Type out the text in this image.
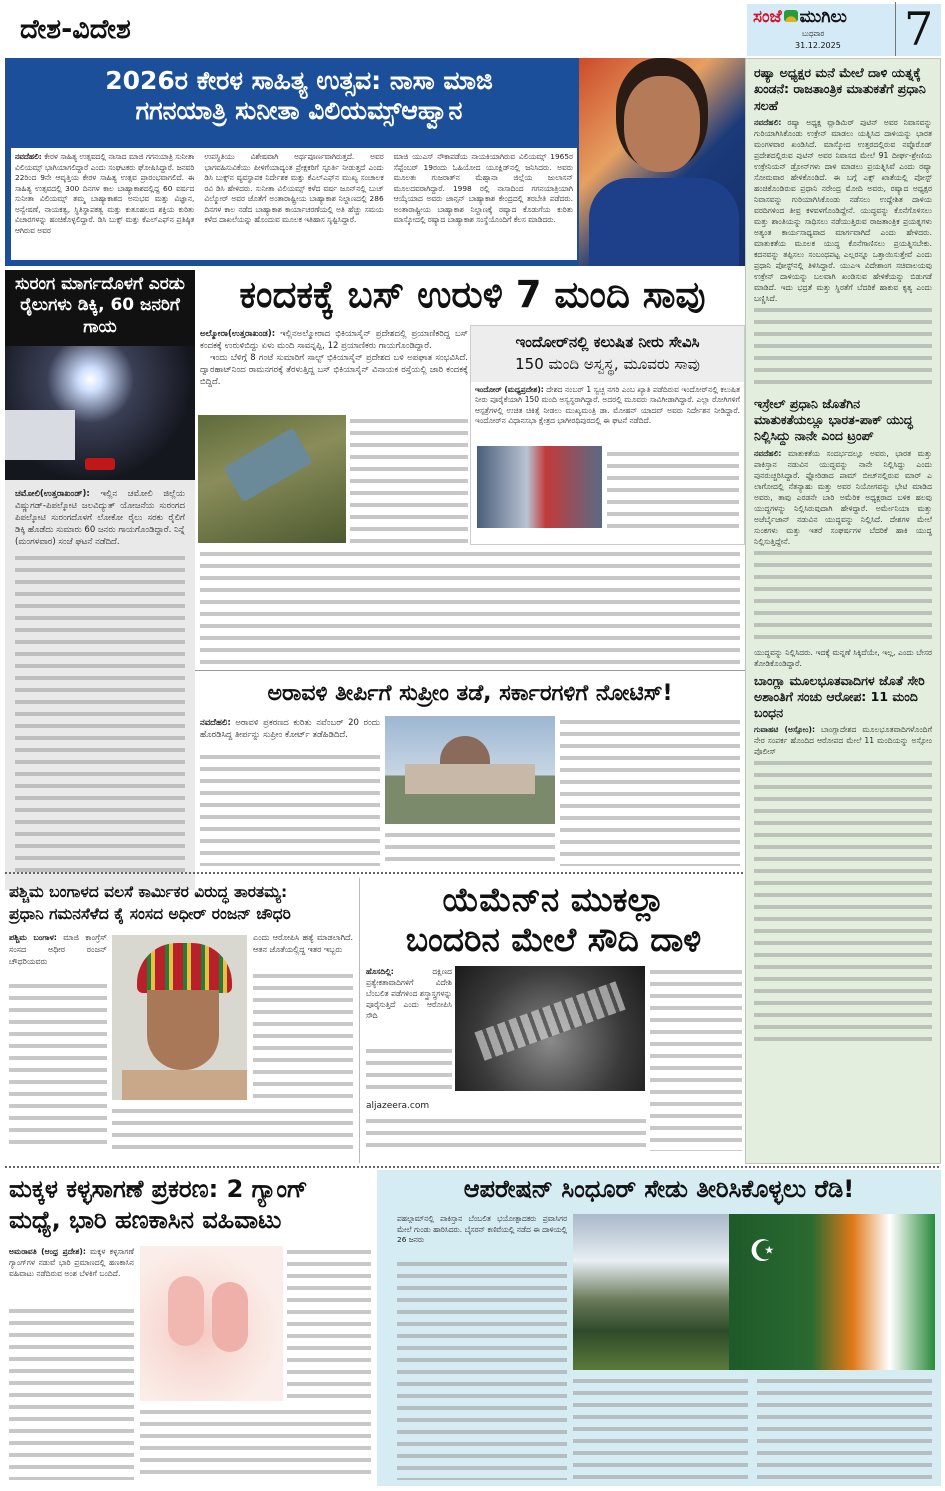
ದೇಶ-ವಿದೇಶ	ಸಂಜೆ ಮುಗಿಲು
ಬುಧವಾರ
31.12.2025 7
2026ರ ಕೇರಳ ಸಾಹಿತ್ಯ ಉತ್ಸವ: ನಾಸಾ ಮಾಜಿ
ಗಗನಯಾತ್ರಿ ಸುನೀತಾ ವಿಲಿಯಮ್ಸ್‌ಆಹ್ವಾನ
ನವದೆಹಲಿ: ಕೇರಳ ಸಾಹಿತ್ಯ ಉತ್ಸವದಲ್ಲಿ ನಾಸಾದ ಮಾಜಿ ಗಗನಯಾತ್ರಿ ಸುನೀತಾ ವಿಲಿಯಮ್ಸ್ ಭಾಗಿಯಾಗಲಿದ್ದಾರೆ ಎಂದು ಸಂಘಟಕರು ಘೋಷಿಸಿದ್ದಾರೆ. ಜನವರಿ 22ರಿಂದ 9ನೇ ಆವೃತ್ತಿಯ ಕೇರಳ ಸಾಹಿತ್ಯ ಉತ್ಸವ ಪ್ರಾರಂಭವಾಗಲಿದೆ. ಈ ಸಾಹಿತ್ಯ ಉತ್ಸವದಲ್ಲಿ 300 ದಿನಗಳ ಕಾಲ ಬಾಹ್ಯಾಕಾಶದಲ್ಲಿದ್ದ 60 ವರ್ಷದ ಸುನೀತಾ ವಿಲಿಯಮ್ಸ್ ತಮ್ಮ ಬಾಹ್ಯಾಕಾಶದ ಅನುಭವ ಮತ್ತು ವಿಜ್ಞಾನ, ಅನ್ವೇಷಣೆ, ನಾಯಕತ್ವ, ಸ್ಥಿತಿಸ್ಥಾಪಕತ್ವ ಮತ್ತು ಕುತೂಹಲದ ಶಕ್ತಿಯ ಕುರಿತು ವಿಚಾರಗಳನ್ನು ಹಂಚಿಕೊಳ್ಳಲಿದ್ದಾರೆ. ಡಿಸಿ ಬುಕ್ಸ್ ಮತ್ತು ಕೆಎಲ್‌ಎಫ್‌ನ ಪ್ರತಿಷ್ಠಿತ ಆಗಿರುವ ಅವರ
ಉಪಸ್ಥಿತಿಯು ವಿಶೇಷವಾಗಿ ಅರ್ಥಪೂರ್ಣವಾಗಿರುತ್ತದೆ. ಅವರ ಭಾಗವಹಿಸುವಿಕೆಯು ಪೀಳಿಗೆಯಾದ್ಯಂತ ಪ್ರೇಕ್ಷಕರಿಗೆ ಸ್ಫೂರ್ತಿ ನೀಡುತ್ತದೆ ಎಂದು ಡಿಸಿ ಬುಕ್ಸ್‌ನ ವ್ಯವಸ್ಥಾಪಕ ನಿರ್ದೇಶಕ ಮತ್ತು ಕೆಎಲ್‌ಎಫ್‌ನ ಮುಖ್ಯ ಸಂಚಾಲಕ ರವಿ ಡಿಸಿ ಹೇಳಿದರು. ಸುನೀತಾ ವಿಲಿಯಮ್ಸ್ ಕಳೆದ ವರ್ಷ ಜೂನ್‌ನಲ್ಲಿ ಬುಚ್ ವಿಲ್ಮೋರ್ ಅವರ ಜೊತೆಗೆ ಅಂತಾರಾಷ್ಟ್ರೀಯ ಬಾಹ್ಯಾಕಾಶ ನಿಲ್ದಾಣದಲ್ಲಿ 286 ದಿನಗಳ ಕಾಲ ನಡೆದ ಬಾಹ್ಯಾಕಾಶ ಕಾರ್ಯಾಚರಣೆಯಲ್ಲಿ ಅತಿ ಹೆಚ್ಚು ಸಮಯ ಕಳೆದ ದಾಖಲೆಯನ್ನು ಹೊಂದುವ ಮೂಲಕ ಇತಿಹಾಸ ಸೃಷ್ಟಿಸಿದ್ದಾರೆ.
ಮಾಜಿ ಯುಎಸ್ ನೌಕಾಪಡೆಯ ನಾಯಕಿಯಾಗಿರುವ ವಿಲಿಯಮ್ಸ್ 1965ರ ಸೆಪ್ಟೆಂಬರ್ 19ರಂದು ಓಹಿಯೋದ ಯೂಕ್ಲಿಡ್‌ನಲ್ಲಿ ಜನಿಸಿದರು. ಅವರು ಮೂಲತಃ ಗುಜರಾತ್‌ನ ಮೆಹ್ಸಾನಾ ಜಿಲ್ಲೆಯ ಜುಲಾಸನ್ ಮೂಲದವರಾಗಿದ್ದಾರೆ. 1998 ರಲ್ಲಿ ನಾಸಾದಿಂದ ಗಗನಯಾತ್ರಿಯಾಗಿ ಆಯ್ಕೆಯಾದ ಅವರು ಜಾನ್ಸನ್ ಬಾಹ್ಯಾಕಾಶ ಕೇಂದ್ರದಲ್ಲಿ ತರಬೇತಿ ಪಡೆದರು. ಅಂತಾರಾಷ್ಟ್ರೀಯ ಬಾಹ್ಯಾಕಾಶ ನಿಲ್ದಾಣಕ್ಕೆ ರಷ್ಯಾದ ಕೊಡುಗೆಯ ಕುರಿತು ಮಾಸ್ಕೋದಲ್ಲಿ ರಷ್ಯಾದ ಬಾಹ್ಯಾಕಾಶ ಸಂಸ್ಥೆಯೊಂದಿಗೆ ಕೆಲಸ ಮಾಡಿದರು.
ಸುರಂಗ ಮಾರ್ಗದೊಳಗೆ ಎರಡು ರೈಲುಗಳು ಡಿಕ್ಕಿ, 60 ಜನರಿಗೆ ಗಾಯ
ಚಮೋಲಿ(ಉತ್ತರಾಖಂಡ್): ಇಲ್ಲಿನ ಚಮೋಲಿ ಜಿಲ್ಲೆಯ ವಿಷ್ಣುಗಡ್-ಪಿಪಲ್ಕೋಟಿ ಜಲವಿದ್ಯುತ್ ಯೋಜನೆಯ ಸುರಂಗದ ಪಿಪಲ್ಕೋಟಿ ಸುರಂಗದೊಳಗೆ ಲೋಕೋ ರೈಲು ಸರಕು ರೈಲಿಗೆ ಡಿಕ್ಕಿ ಹೊಡೆದು ಸುಮಾರು 60 ಜನರು ಗಾಯಗೊಂಡಿದ್ದಾರೆ. ನಿನ್ನೆ (ಮಂಗಳವಾರ) ಸಂಜೆ ಘಟನೆ ನಡೆದಿದೆ.
ಕಂದಕಕ್ಕೆ ಬಸ್ ಉರುಳಿ 7 ಮಂದಿ ಸಾವು
ಅಲ್ಮೋರಾ(ಉತ್ತರಾಖಂಡ): ಇಲ್ಲಿನಅಲ್ಮೋರಾದ ಭಿಕಿಯಾಸೈನ್ ಪ್ರದೇಶದಲ್ಲಿ ಪ್ರಯಾಣಿಕರಿದ್ದ ಬಸ್ ಕಂದಕಕ್ಕೆ ಉರುಳಿಬಿದ್ದು ಏಳು ಮಂದಿ ಸಾವನ್ನಪ್ಪಿ, 12 ಪ್ರಯಾಣಿಕರು ಗಾಯಗೊಂಡಿದ್ದಾರೆ.
ಇಂದು ಬೆಳಿಗ್ಗೆ 8 ಗಂಟೆ ಸುಮಾರಿಗೆ ಸಾಲ್ಟ್ ಭಿಕಿಯಾಸೈನ್ ಪ್ರದೇಶದ ಬಳಿ ಅಪಘಾತ ಸಂಭವಿಸಿದೆ. ದ್ವಾರಹಾಟ್‌ನಿಂದ ರಾಮನಗರಕ್ಕೆ ತೆರಳುತ್ತಿದ್ದ ಬಸ್ ಭಿಕಿಯಾಸೈನ್ ವಿನಾಯಕ ರಸ್ತೆಯಲ್ಲಿ ಜಾರಿ ಕಂದಕಕ್ಕೆ ಬಿದ್ದಿದೆ.
ಇಂದೋರ್‌ನಲ್ಲಿ ಕಲುಷಿತ ನೀರು ಸೇವಿಸಿ
150 ಮಂದಿ ಅಸ್ವಸ್ಥ, ಮೂವರು ಸಾವು
ಇಂದೋರ್ (ಮಧ್ಯಪ್ರದೇಶ): ದೇಶದ ನಂಬರ್ 1 ಸ್ವಚ್ಛ ನಗರಿ ಎಂಬ ಖ್ಯಾತಿ ಪಡೆದಿರುವ ಇಂದೋರ್‌ನಲ್ಲಿ ಕಲುಷಿತ ನೀರು ಪೂರೈಕೆಯಾಗಿ 150 ಮಂದಿ ಅಸ್ವಸ್ಥರಾಗಿದ್ದಾರೆ. ಅದರಲ್ಲಿ ಮೂವರು ಸಾವಿಗೀಡಾಗಿದ್ದಾರೆ. ಎಲ್ಲಾ ರೋಗಿಗಳಿಗೆ ಆಸ್ಪತ್ರೆಗಳಲ್ಲಿ ಉಚಿತ ಚಿಕಿತ್ಸೆ ನೀಡಲು ಮುಖ್ಯಮಂತ್ರಿ ಡಾ. ಮೋಹನ್ ಯಾದವ್ ಅವರು ನಿರ್ದೇಶನ ನೀಡಿದ್ದಾರೆ. ಇಂದೋರ್‌ನ ವಿಧಾನಸಭಾ ಕ್ಷೇತ್ರದ ಭಾಗೀರಥಿಪುರದಲ್ಲಿ ಈ ಘಟನೆ ನಡೆದಿದೆ.
ಅರಾವಳಿ ತೀರ್ಪಿಗೆ ಸುಪ್ರೀಂ ತಡೆ, ಸರ್ಕಾರಗಳಿಗೆ ನೋಟಿಸ್!
ನವದೆಹಲಿ: ಅರಾವಳಿ ಪ್ರಕರಣದ ಕುರಿತು ನವೆಂಬರ್ 20 ರಂದು ಹೊರಡಿಸಿದ್ದ ತೀರ್ಪನ್ನು ಸುಪ್ರೀಂ ಕೋರ್ಟ್ ತಡೆಹಿಡಿದಿದೆ.
ಪಶ್ಚಿಮ ಬಂಗಾಳದ ವಲಸೆ ಕಾರ್ಮಿಕರ ವಿರುದ್ಧ ತಾರತಮ್ಯ:
ಪ್ರಧಾನಿ ಗಮನಸೆಳೆದ ಕೈ ಸಂಸದ ಅಧೀರ್ ರಂಜನ್ ಚೌಧರಿ
ಪಶ್ಚಿಮ ಬಂಗಾಳ: ಮಾಜಿ ಕಾಂಗ್ರೆಸ್ ಸಂಸದ ಅಧೀರ ರಂಜನ್ ಚೌಧರಿಯವರು
ಎಂದು ಆರೋಪಿಸಿ ಹತ್ಯೆ ಮಾಡಲಾಗಿದೆ. ಆತನ ಜೊತೆಯಲ್ಲಿದ್ದ ಇತರ ಇಬ್ಬರು
ಯೆಮೆನ್‌ನ ಮುಕಲ್ಲಾ
ಬಂದರಿನ ಮೇಲೆ ಸೌದಿ ದಾಳಿ
ಹೊಸದಿಲ್ಲಿ:	ದಕ್ಷಿಣದ ಪ್ರತ್ಯೇಕತಾವಾದಿಗಳಿಗೆ ವಿದೇಶಿ ಬೆಂಬಲಿತ ಪಡೆಗಳಿಂದ ಶಸ್ತ್ರಾಸ್ತ್ರಗಳನ್ನು ಪೂರೈಸುತ್ತಿದೆ ಎಂದು ಆರೋಪಿಸಿ ಸೌದಿ
aljazeera.com
ರಷ್ಯಾ ಅಧ್ಯಕ್ಷರ ಮನೆ ಮೇಲೆ ದಾಳಿ ಯತ್ನಕ್ಕೆ ಖಂಡನೆ: ರಾಜತಾಂತ್ರಿಕ ಮಾತುಕತೆಗೆ ಪ್ರಧಾನಿ ಸಲಹೆ
ನವದೆಹಲಿ: ರಷ್ಯಾ ಅಧ್ಯಕ್ಷ ವ್ಲಾಡಿಮಿರ್ ಪುಟಿನ್ ಅವರ ನಿವಾಸವನ್ನು ಗುರಿಯಾಗಿಸಿಕೊಂಡು ಉಕ್ರೇನ್ ಮಾಡಲು ಯತ್ನಿಸಿದ ದಾಳಿಯನ್ನು ಭಾರತ ಮಂಗಳವಾರ ಖಂಡಿಸಿದೆ. ಮಾಸ್ಕೋದ ಉತ್ತರದಲ್ಲಿರುವ ನವ್ಗೊರೊಡ್ ಪ್ರದೇಶದಲ್ಲಿರುವ ಪುಟಿನ್ ಅವರ ನಿವಾಸದ ಮೇಲೆ 91 ದೀರ್ಘ-ಶ್ರೇಣಿಯ ಉಕ್ರೇನಿಯನ್ ಡ್ರೋನ್‌ಗಳು ದಾಳಿ ಮಾಡಲು ಪ್ರಯತ್ನಿಸಿವೆ ಎಂದು ರಷ್ಯಾ ಸೋಮವಾರ ಹೇಳಿಕೊಂಡಿದೆ. ಈ ಬಗ್ಗೆ ಎಕ್ಸ್ ಖಾತೆಯಲ್ಲಿ ಪೋಸ್ಟ್ ಹಂಚಿಕೊಂಡಿರುವ ಪ್ರಧಾನಿ ನರೇಂದ್ರ ಮೋದಿ ಅವರು, ರಷ್ಯಾದ ಅಧ್ಯಕ್ಷರ ನಿವಾಸವನ್ನು ಗುರಿಯಾಗಿಸಿಕೊಂಡು ನಡೆಸಲು ಉದ್ದೇಶಿತ ದಾಳಿಯ ವರದಿಗಳಿಂದ ತೀವ್ರ ಕಳವಳಗೊಂಡಿದ್ದೇನೆ. ಯುದ್ಧವನ್ನು ಕೊನೆಗೊಳಿಸಲು ಮತ್ತು ಶಾಂತಿಯನ್ನು ಸಾಧಿಸಲು ನಡೆಯುತ್ತಿರುವ ರಾಜತಾಂತ್ರಿಕ ಪ್ರಯತ್ನಗಳು ಅತ್ಯಂತ ಕಾರ್ಯಸಾಧ್ಯವಾದ ಮಾರ್ಗವಾಗಿದೆ ಎಂದು ಹೇಳಿದರು. ಮಾತುಕತೆಯ ಮೂಲಕ ಯುದ್ಧ ಕೊನೆಗಾಣಿಸಲು ಪ್ರಯತ್ನಿಸಬೇಕು. ಕದನವನ್ನು ತಪ್ಪಿಸಲು ಸಂಬಂಧಪಟ್ಟ ಎಲ್ಲರನ್ನೂ ಒತ್ತಾಯಿಸುತ್ತೇವೆ ಎಂದು ಪ್ರಧಾನಿ ಪೋಸ್ಟ್‌ನಲ್ಲಿ ತಿಳಿಸಿದ್ದಾರೆ. ಯುಎಇ ವಿದೇಶಾಂಗ ಸಚಿವಾಲಯವು ಉಕ್ರೇನ್ ದಾಳಿಯನ್ನು ಬಲವಾಗಿ ಖಂಡಿಸುವ ಹೇಳಿಕೆಯನ್ನು ಬಿಡುಗಡೆ ಮಾಡಿದೆ. ಇದು ಭದ್ರತೆ ಮತ್ತು ಸ್ಥಿರತೆಗೆ ಬೆದರಿಕೆ ಹಾಕುವ ಕೃತ್ಯ ಎಂದು ಬಣ್ಣಿಸಿದೆ.
ಇಸ್ರೇಲ್ ಪ್ರಧಾನಿ ಜೊತೆಗಿನ ಮಾತುಕತೆಯಲ್ಲೂ ಭಾರತ-ಪಾಕ್ ಯುದ್ಧ ನಿಲ್ಲಿಸಿದ್ದು ನಾನೇ ಎಂದ ಟ್ರಂಪ್
ನವದೆಹಲಿ: ಮಾತುಕತೆಯ ಸಂದರ್ಭದಲ್ಲೂ ಅವರು, ಭಾರತ ಮತ್ತು ಪಾಕಿಸ್ತಾನ ನಡುವಿನ ಯುದ್ಧವನ್ನು ನಾನೇ ನಿಲ್ಲಿಸಿದ್ದು ಎಂದು ಪುನರುಚ್ಚರಿಸಿದ್ದಾರೆ. ಫ್ಲೋರಿಡಾದ ಪಾಮ್ ಬೀಚ್‌ನಲ್ಲಿರುವ ಮಾರ್ ಎ ಲಾಗೋದಲ್ಲಿ ನೆತನ್ಯಾಹು ಮತ್ತು ಅವರ ನಿಯೋಗವನ್ನು ಭೇಟಿ ಮಾಡಿದ ಅವರು, ತಾವು ಎರಡನೇ ಬಾರಿ ಅಮೆರಿಕ ಅಧ್ಯಕ್ಷರಾದ ಬಳಿಕ ಹಲವು ಯುದ್ಧಗಳನ್ನು ನಿಲ್ಲಿಸಿರುವುದಾಗಿ ಹೇಳಿದ್ದಾರೆ. ಅರ್ಮೇನಿಯಾ ಮತ್ತು ಅಜೆರ್ಬೈಜಾನ್ ನಡುವಿನ ಯುದ್ಧವನ್ನು ನಿಲ್ಲಿಸಿದೆ. ದೇಶಗಳ ಮೇಲೆ ಸುಂಕಗಳು ಮತ್ತು ಇತರೆ ಸಂಘರ್ಷಗಳ ಬೆದರಿಕೆ ಹಾಕಿ ಯುದ್ಧ ನಿಲ್ಲಿಸುತ್ತಿದ್ದೇನೆ.
ಯುದ್ಧವನ್ನು ನಿಲ್ಲಿಸಿದರು. ಇದಕ್ಕೆ ಮನ್ನಣೆ ಸಿಕ್ಕಿದೆಯೇ, ಇಲ್ಲ, ಎಂದು ಬೇಸರ ತೋಡಿಕೊಂಡಿದ್ದಾರೆ.
ಬಾಂಗ್ಲಾ ಮೂಲಭೂತವಾದಿಗಳ ಜೊತೆ ಸೇರಿ ಅಶಾಂತಿಗೆ ಸಂಚು ಆರೋಪ: 11 ಮಂದಿ ಬಂಧನ
ಗುವಾಹಟಿ (ಅಸ್ಸೋಂ): ಬಾಂಗ್ಲಾದೇಶದ ಮೂಲಭೂತವಾದಿಗಳೊಂದಿಗೆ ನೇರ ಸಂಪರ್ಕ ಹೊಂದಿದ ಆರೋಪದ ಮೇಲೆ 11 ಮಂದಿಯನ್ನು ಅಸ್ಸೋಂ ಪೊಲೀಸ್
ಮಕ್ಕಳ ಕಳ್ಳಸಾಗಣೆ ಪ್ರಕರಣ: 2 ಗ್ಯಾಂಗ್
ಮಧ್ಯೆ, ಭಾರಿ ಹಣಕಾಸಿನ ವಹಿವಾಟು
ಅಮರಾವತಿ (ಆಂಧ್ರ ಪ್ರದೇಶ): ಮಕ್ಕಳ ಕಳ್ಳಸಾಗಣೆ ಗ್ಯಾಂಗ್‌ಗಳ ನಡುವೆ ಭಾರಿ ಪ್ರಮಾಣದಲ್ಲಿ ಹಣಕಾಸಿನ ವಹಿವಾಟು ನಡೆದಿರುವ ಅಂಶ ಬೆಳಕಿಗೆ ಬಂದಿದೆ.
ಆಪರೇಷನ್ ಸಿಂಧೂರ್ ಸೇಡು ತೀರಿಸಿಕೊಳ್ಳಲು ರೆಡಿ!
ಪಹಲ್ಗಾಮ್‌ನಲ್ಲಿ ಪಾಕಿಸ್ತಾನ ಬೆಂಬಲಿತ ಭಯೋತ್ಪಾದಕರು ಪ್ರವಾಸಿಗರ ಮೇಲೆ ಗುಂಡು ಹಾರಿಸಿದರು. ಬೈಸರನ್ ಕಣಿವೆಯಲ್ಲಿ ನಡೆದ ಈ ದಾಳಿಯಲ್ಲಿ 26 ಜನರು	☪
